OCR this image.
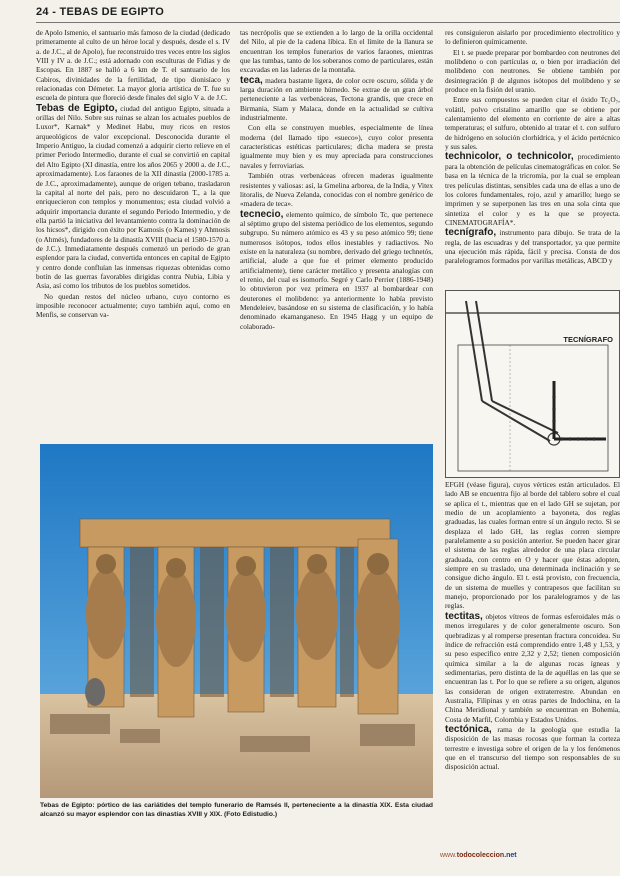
24 - TEBAS DE EGIPTO

de Apolo Ismenio, el santuario más famoso de la ciudad (dedicado primeramente al culto de un héroe local y después, desde el s. IV a. de J.C., al de Apolo), fue reconstruido tres veces entre los siglos VIII y IV a. de J.C.; está adornado con esculturas de Fidias y de Escopas. En 1887 se halló a 6 km de T. el santuario de los Cabiros, divinidades de la fertilidad, de tipo dionisíaco y relacionadas con Démeter. La mayor gloria artística de T. fue su escuela de pintura que floreció desde finales del siglo V a. de J.C.

Tebas de Egipto, ciudad del antiguo Egipto, situada a orillas del Nilo. Sobre sus ruinas se alzan los actuales pueblos de Luxor*, Karnak* y Medinet Habu, muy ricos en restos arqueológicos de valor excepcional. Desconocida durante el Imperio Antiguo, la ciudad comenzó a adquirir cierto relieve en el primer Periodo Intermedio, durante el cual se convirtió en capital del Alto Egipto (XI dinastía, entre los años 2065 y 2000 a. de J.C., aproximadamente). Los faraones de la XII dinastía (2000-1785 a. de J.C., aproximadamente), aunque de origen tebano, trasladaron la capital al norte del país, pero no descuidaron T., a la que enriquecieron con templos y monumentos; esta ciudad volvió a adquirir importancia durante el segundo Periodo Intermedio, y de ella partió la iniciativa del levantamiento contra la dominación de los hicsos*, dirigido con éxito por Kamosis (o Kames) y Ahmosis (o Ahmés), fundadores de la dinastía XVIII (hacia el 1580-1570 a. de J.C.). Inmediatamente después comenzó un periodo de gran esplendor para la ciudad, convertida entonces en capital de Egipto y centro donde confluían las inmensas riquezas obtenidas como botín de las guerras favorables dirigidas contra Nubia, Libia y Asia, así como los tributos de los pueblos sometidos.

No quedan restos del núcleo urbano, cuyo contorno es imposible reconocer actualmente; cuyo también aquí, como en Menfis, se conservan va-

tas necrópolis que se extienden a lo largo de la orilla occidental del Nilo, al pie de la cadena líbica. En el límite de la llanura se encuentran los templos funerarios de varios faraones, mientras que las tumbas, tanto de los soberanos como de particulares, están excavadas en las laderas de la montaña.

teca, madera bastante ligera, de color ocre oscuro, sólida y de larga duración en ambiente húmedo. Se extrae de un gran árbol perteneciente a las verbenáceas, Tectona grandis, que crece en Birmania, Siam y Malaca, donde en la actualidad se cultiva industrialmente.

Con ella se construyen muebles, especialmente de línea moderna (del llamado tipo «sueco»), cuyo color presenta características estéticas particulares; dicha madera se presta igualmente muy bien y es muy apreciada para construcciones navales y ferroviarias.

También otras verbenáceas ofrecen maderas igualmente resistentes y valiosas: así, la Gmelina arborea, de la India, y Vitex litoralis, de Nueva Zelanda, conocidas con el nombre genérico de «madera de teca».

tecnecio, elemento químico, de símbolo Tc, que pertenece al séptimo grupo del sistema periódico de los elementos, segundo subgrupo. Su número atómico es 43 y su peso atómico 99; tiene numerosos isótopos, todos ellos inestables y radiactivos. No existe en la naturaleza (su nombre, derivado del griego technetós, artificial, alude a que fue el primer elemento producido artificialmente), tiene carácter metálico y presenta analogías con el renio, del cual es isomorfo. Segré y Carlo Perrier (1886-1948) lo obtuvieron por vez primera en 1937 al bombardear con deuterones el molibdeno: ya anteriormente lo había previsto Mendeleiev, basándose en su sistema de clasificación, y lo había denominado ekamanganeso. En 1945 Hagg y un equipo de colaborado-

res consiguieron aislarlo por procedimiento electrolítico y lo definieron químicamente.

El t. se puede preparar por bombardeo con neutrones del molibdeno o con partículas α, o bien por irradiación del molibdeno con neutrones. Se obtiene también por desintegración β de algunos isótopos del molibdeno y se produce en la fisión del uranio.

Entre sus compuestos se pueden citar el óxido Tc₂O₇, volátil, polvo cristalino amarillo que se obtiene por calentamiento del elemento en corriente de aire a altas temperaturas; el sulfuro, obtenido al tratar el t. con sulfuro de hidrógeno en solución clorhídrica, y el ácido pertécnico y sus sales.

technicolor, o technicolor, procedimiento para la obtención de películas cinematográficas en color. Se basa en la técnica de la tricromía, por la cual se emplean tres películas distintas, sensibles cada una de ellas a uno de los colores fundamentales, rojo, azul y amarillo; luego se imprimen y se superponen las tres en una sola cinta que sintetiza el color y es la que se proyecta. CINEMATOGRAFÍA*.

tecnígrafo, instrumento para dibujo. Se trata de la regla, de las escuadras y del transportador, ya que permite una ejecución más rápida, fácil y precisa. Consta de dos paralelogramos formados por varillas metálicas, ABCD y

TECNÍGRAFO

EFGH (véase figura), cuyos vértices están articulados. El lado AB se encuentra fijo al borde del tablero sobre el cual se aplica el t., mientras que en el lado GH se sujetan, por medio de un acoplamiento a bayoneta, dos reglas graduadas, las cuales forman entre sí un ángulo recto. Si se desplaza el lado GH, las reglas corren siempre paralelamente a su posición anterior. Se pueden hacer girar el sistema de las reglas alrededor de una placa circular graduada, con centro en O y hacer que éstas adopten, siempre en su traslado, una determinada inclinación y se consigue dicho ángulo. El t. está provisto, con frecuencia, de un sistema de muelles y contrapesos que facilitan su manejo, proporcionado por los paralelogramos y de las reglas.

tectitas, objetos vítreos de formas esferoidales más o menos irregulares y de color generalmente oscuro. Son quebradizas y al romperse presentan fractura concoidea. Su índice de refracción está comprendido entre 1,48 y 1,53, y su peso específico entre 2,32 y 2,52; tienen composición química similar a la de algunas rocas ígneas y sedimentarias, pero distinta de la de aquéllas en las que se encuentran las t. Por lo que se refiere a su origen, algunos las consideran de origen extraterrestre. Abundan en Australia, Filipinas y en otras partes de Indochina, en la China Meridional y también se encuentran en Bohemia, Costa de Marfil, Colombia y Estados Unidos.

tectónica, rama de la geología que estudia la disposición de las masas rocosas que forman la corteza terrestre e investiga sobre el origen de la y los fenómenos que en el transcurso del tiempo son responsables de su disposición actual.

Tebas de Egipto: pórtico de las cariátides del templo funerario de Ramsés II, perteneciente a la dinastía XIX. Esta ciudad alcanzó su mayor esplendor con las dinastías XVIII y XIX. (Foto Edistudio.)
www.todocoleccion.net
